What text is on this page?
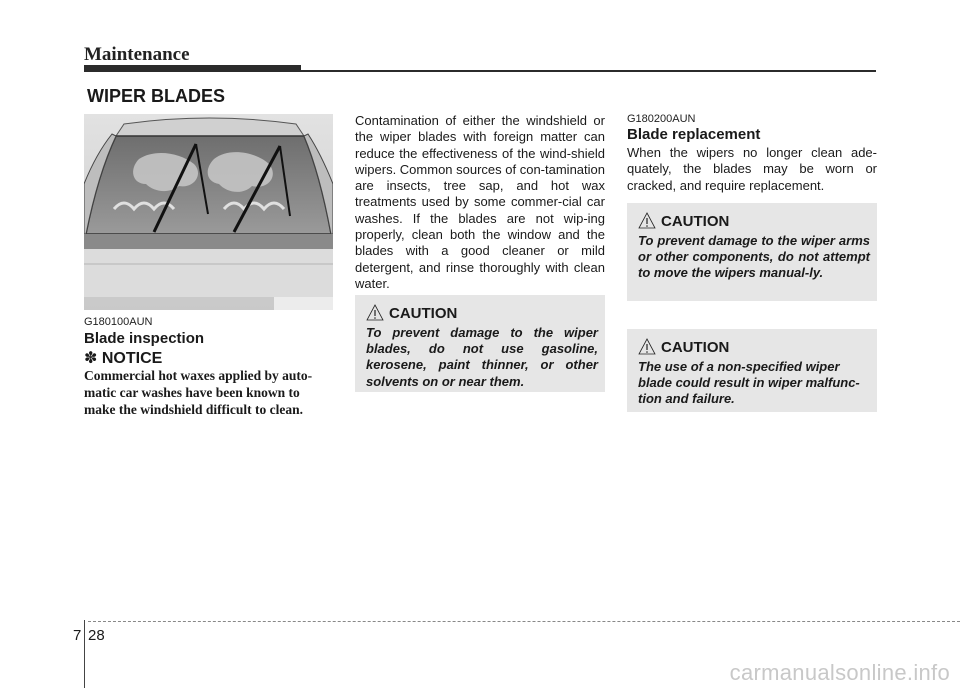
Maintenance
WIPER BLADES
G180100AUN
Blade inspection
✽ NOTICE

Commercial hot waxes applied by auto-matic car washes have been known to make the windshield difficult to clean.

Contamination of either the windshield or the wiper blades with foreign matter can reduce the effectiveness of the wind-shield wipers. Common sources of con-tamination are insects, tree sap, and hot wax treatments used by some commer-cial car washes. If the blades are not wip-ing properly, clean both the window and the blades with a good cleaner or mild detergent, and rinse thoroughly with clean water.

CAUTION
To prevent damage to the wiper blades, do not use gasoline, kerosene, paint thinner, or other solvents on or near them.
G180200AUN
Blade replacement

When the wipers no longer clean ade-quately, the blades may be worn or cracked, and require replacement.

CAUTION
To prevent damage to the wiper arms or other components, do not attempt to move the wipers manual-ly.
CAUTION
The use of a non-specified wiper blade could result in wiper malfunc-tion and failure.
7 28
carmanualsonline.info
